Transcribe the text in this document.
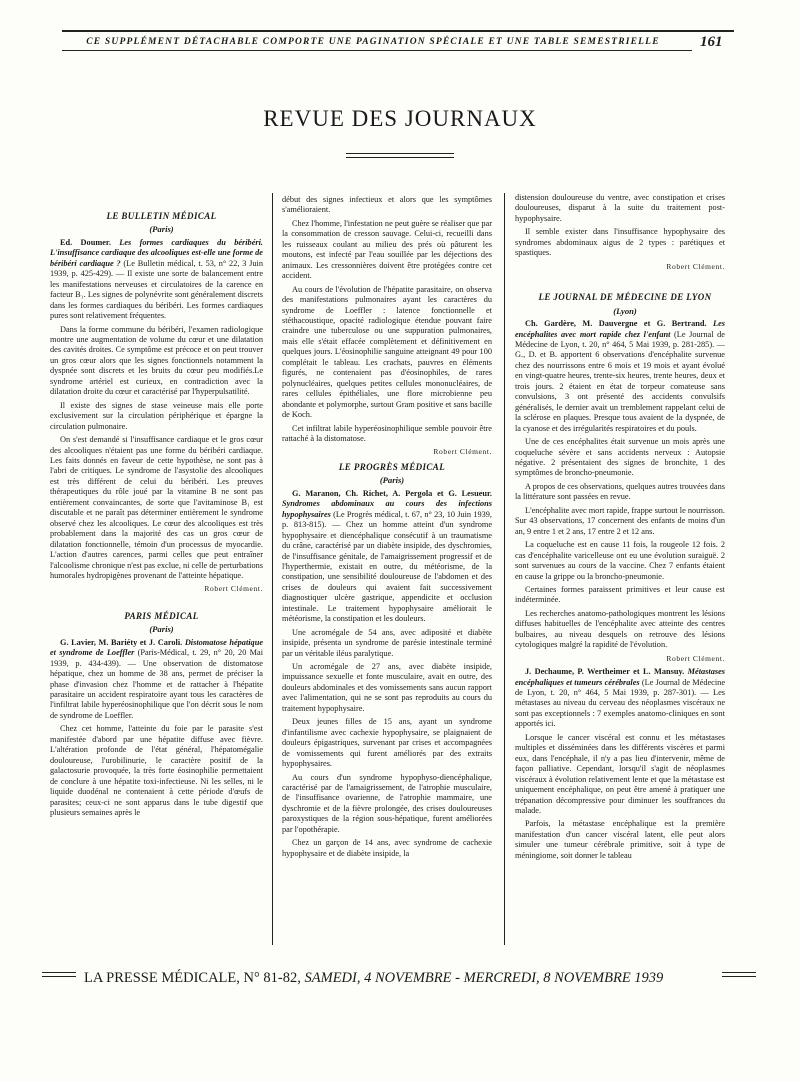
CE SUPPLÉMENT DÉTACHABLE COMPORTE UNE PAGINATION SPÉCIALE ET UNE TABLE SEMESTRIELLE	161
REVUE DES JOURNAUX

LE BULLETIN MÉDICAL

(Paris)

Ed. Doumer. Les formes cardiaques du béribéri. L'insuffisance cardiaque des alcooliques est-elle une forme de béribéri cardiaque ? (Le Bulletin médical, t. 53, n° 22, 3 Juin 1939, p. 425-429). — Il existe une sorte de balancement entre les manifestations nerveuses et circulatoires de la carence en facteur B₁. Les signes de polynévrite sont généralement discrets dans les formes cardiaques du béribéri. Les formes cardiaques pures sont relativement fréquentes.

Dans la forme commune du béribéri, l'examen radiologique montre une augmentation de volume du cœur et une dilatation des cavités droites. Ce symptôme est précoce et on peut trouver un gros cœur alors que les signes fonctionnels notamment la dyspnée sont discrets et les bruits du cœur peu modifiés.Le syndrome artériel est curieux, en contradiction avec la dilatation droite du cœur et caractérisé par l'hyperpulsatilité.

Il existe des signes de stase veineuse mais elle porte exclusivement sur la circulation périphérique et épargne la circulation pulmonaire.

On s'est demandé si l'insuffisance cardiaque et le gros cœur des alcooliques n'étaient pas une forme du béribéri cardiaque. Les faits donnés en faveur de cette hypothèse, ne sont pas à l'abri de critiques. Le syndrome de l'asystolie des alcooliques est très différent de celui du béribéri. Les preuves thérapeutiques du rôle joué par la vitamine B ne sont pas entièrement convaincantes, de sorte que l'avitaminose B₁ est discutable et ne paraît pas déterminer entièrement le syndrome observé chez les alcooliques. Le cœur des alcooliques est très probablement dans la majorité des cas un gros cœur de dilatation fonctionnelle, témoin d'un processus de myocardie. L'action d'autres carences, parmi celles que peut entraîner l'alcoolisme chronique n'est pas exclue, ni celle de perturbations humorales hydropigènes provenant de l'atteinte hépatique.

Robert Clément.

PARIS MÉDICAL

(Paris)

G. Lavier, M. Bariéty et J. Caroli. Distomatose hépatique et syndrome de Loeffler (Paris-Médical, t. 29, n° 20, 20 Mai 1939, p. 434-439). — Une observation de distomatose hépatique, chez un homme de 38 ans, permet de préciser la phase d'invasion chez l'homme et de rattacher à l'hépatite parasitaire un accident respiratoire ayant tous les caractères de l'infiltrat labile hyperéosinophilique que l'on décrit sous le nom de syndrome de Loeffler.

Chez cet homme, l'atteinte du foie par le parasite s'est manifestée d'abord par une hépatite diffuse avec fièvre. L'altération profonde de l'état général, l'hépatomégalie douloureuse, l'urobilinurie, le caractère positif de la galactosurie provoquée, la très forte éosinophilie permettaient de conclure à une hépatite toxi-infectieuse. Ni les selles, ni le liquide duodénal ne contenaient à cette période d'œufs de parasites; ceux-ci ne sont apparus dans le tube digestif que plusieurs semaines après le

début des signes infectieux et alors que les symptômes s'amélioraient.

Chez l'homme, l'infestation ne peut guère se réaliser que par la consommation de cresson sauvage. Celui-ci, recueilli dans les ruisseaux coulant au milieu des prés où pâturent les moutons, est infecté par l'eau souillée par les déjections des animaux. Les cressonnières doivent être protégées contre cet accident.

Au cours de l'évolution de l'hépatite parasitaire, on observa des manifestations pulmonaires ayant les caractères du syndrome de Loeffler : latence fonctionnelle et stéthacoustique, opacité radiologique étendue pouvant faire craindre une tuberculose ou une suppuration pulmonaires, mais elle s'était effacée complètement et définitivement en quelques jours. L'éosinophilie sanguine atteignant 49 pour 100 complétait le tableau. Les crachats, pauvres en éléments figurés, ne contenaient pas d'éosinophiles, de rares polynucléaires, quelques petites cellules mononucléaires, de rares cellules épithéliales, une flore microbienne peu abondante et polymorphe, surtout Gram positive et sans bacille de Koch.

Cet infiltrat labile hyperéosinophilique semble pouvoir être rattaché à la distomatose.

Robert Clément.

LE PROGRÈS MÉDICAL

(Paris)

G. Maranon, Ch. Richet, A. Pergola et G. Lesueur. Syndromes abdominaux au cours des infections hypophysaires (Le Progrès médical, t. 67, n° 23, 10 Juin 1939, p. 813-815). — Chez un homme atteint d'un syndrome hypophysaire et diencéphalique consécutif à un traumatisme du crâne, caractérisé par un diabète insipide, des dyschromies, de l'insuffisance génitale, de l'amaigrissement progressif et de l'hyperthermie, existait en outre, du météorisme, de la constipation, une sensibilité douloureuse de l'abdomen et des crises de douleurs qui avaient fait successivement diagnostiquer ulcère gastrique, appendicite et occlusion intestinale. Le traitement hypophysaire améliorait le météorisme, la constipation et les douleurs.

Une acromégale de 54 ans, avec adiposité et diabète insipide, présenta un syndrome de parésie intestinale terminé par un véritable iléus paralytique.

Un acromégale de 27 ans, avec diabète insipide, impuissance sexuelle et fonte musculaire, avait en outre, des douleurs abdominales et des vomissements sans aucun rapport avec l'alimentation, qui ne se sont pas reproduits au cours du traitement hypophysaire.

Deux jeunes filles de 15 ans, ayant un syndrome d'infantilisme avec cachexie hypophysaire, se plaignaient de douleurs épigastriques, survenant par crises et accompagnées de vomissements qui furent améliorés par des extraits hypophysaires.

Au cours d'un syndrome hypophyso-diencéphalique, caractérisé par de l'amaigrissement, de l'atrophie musculaire, de l'insuffisance ovarienne, de l'atrophie mammaire, une dyschromie et de la fièvre prolongée, des crises douloureuses paroxystiques de la région sous-hépatique, furent améliorées par l'opothérapie.

Chez un garçon de 14 ans, avec syndrome de cachexie hypophysaire et de diabète insipide, la

distension douloureuse du ventre, avec constipation et crises douloureuses, disparut à la suite du traitement post-hypophysaire.

Il semble exister dans l'insuffisance hypophysaire des syndromes abdominaux aigus de 2 types : parétiques et spastiques.

Robert Clément.

LE JOURNAL DE MÉDECINE DE LYON

(Lyon)

Ch. Gardère, M. Dauvergne et G. Bertrand. Les encéphalites avec mort rapide chez l'enfant (Le Journal de Médecine de Lyon, t. 20, n° 464, 5 Mai 1939, p. 281-285). — G., D. et B. apportent 6 observations d'encéphalite survenue chez des nourrissons entre 6 mois et 19 mois et ayant évolué en vingt-quatre heures, trente-six heures, trente heures, deux et trois jours. 2 étaient en état de torpeur comateuse sans convulsions, 3 ont présenté des accidents convulsifs généralisés, le dernier avait un tremblement rappelant celui de la sclérose en plaques. Presque tous avaient de la dyspnée, de la cyanose et des irrégularités respiratoires et du pouls.

Une de ces encéphalites était survenue un mois après une coqueluche sévère et sans accidents nerveux : Autopsie négative. 2 présentaient des signes de bronchite, 1 des symptômes de broncho-pneumonie.

A propos de ces observations, quelques autres trouvées dans la littérature sont passées en revue.

L'encéphalite avec mort rapide, frappe surtout le nourrisson. Sur 43 observations, 17 concernent des enfants de moins d'un an, 9 entre 1 et 2 ans, 17 entre 2 et 12 ans.

La coqueluche est en cause 11 fois, la rougeole 12 fois. 2 cas d'encéphalite varicelleuse ont eu une évolution suraiguë. 2 sont survenues au cours de la vaccine. Chez 7 enfants étaient en cause la grippe ou la broncho-pneumonie.

Certaines formes paraissent primitives et leur cause est indéterminée.

Les recherches anatomo-pathologiques montrent les lésions diffuses habituelles de l'encéphalite avec atteinte des centres bulbaires, au niveau desquels on retrouve des lésions cytologiques malgré la rapidité de l'évolution.

Robert Clément.

J. Dechaume, P. Wertheimer et L. Mansuy. Métastases encéphaliques et tumeurs cérébrales (Le Journal de Médecine de Lyon, t. 20, n° 464, 5 Mai 1939, p. 287-301). — Les métastases au niveau du cerveau des néoplasmes viscéraux ne sont pas exceptionnels : 7 exemples anatomo-cliniques en sont apportés ici.

Lorsque le cancer viscéral est connu et les métastases multiples et disséminées dans les différents viscères et parmi eux, dans l'encéphale, il n'y a pas lieu d'intervenir, même de façon palliative. Cependant, lorsqu'il s'agit de néoplasmes viscéraux à évolution relativement lente et que la métastase est uniquement encéphalique, on peut être amené à pratiquer une trépanation décompressive pour diminuer les souffrances du malade.

Parfois, la métastase encéphalique est la première manifestation d'un cancer viscéral latent, elle peut alors simuler une tumeur cérébrale primitive, soit à type de méningiome, soit donner le tableau

LA PRESSE MÉDICALE, N° 81-82, SAMEDI, 4 NOVEMBRE - MERCREDI, 8 NOVEMBRE 1939
